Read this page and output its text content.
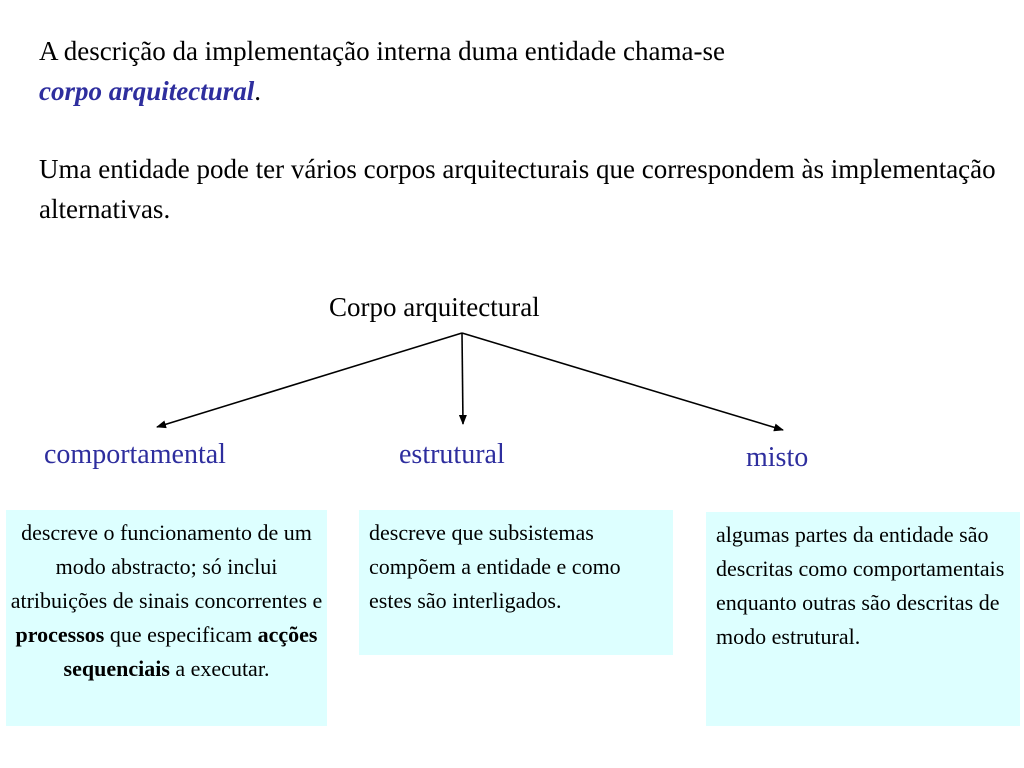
A descrição da implementação interna duma entidade chama-se
corpo arquitectural.

Uma entidade pode ter vários corpos arquitecturais que correspondem às implementação alternativas.

Corpo arquitectural
comportamental	estrutural	misto
descreve o funcionamento de um modo abstracto; só inclui atribuições de sinais concorrentes e processos que especificam acções sequenciais a executar.
descreve que subsistemas compõem a entidade e como estes são interligados.
algumas partes da entidade são descritas como comportamentais enquanto outras são descritas de modo estrutural.
